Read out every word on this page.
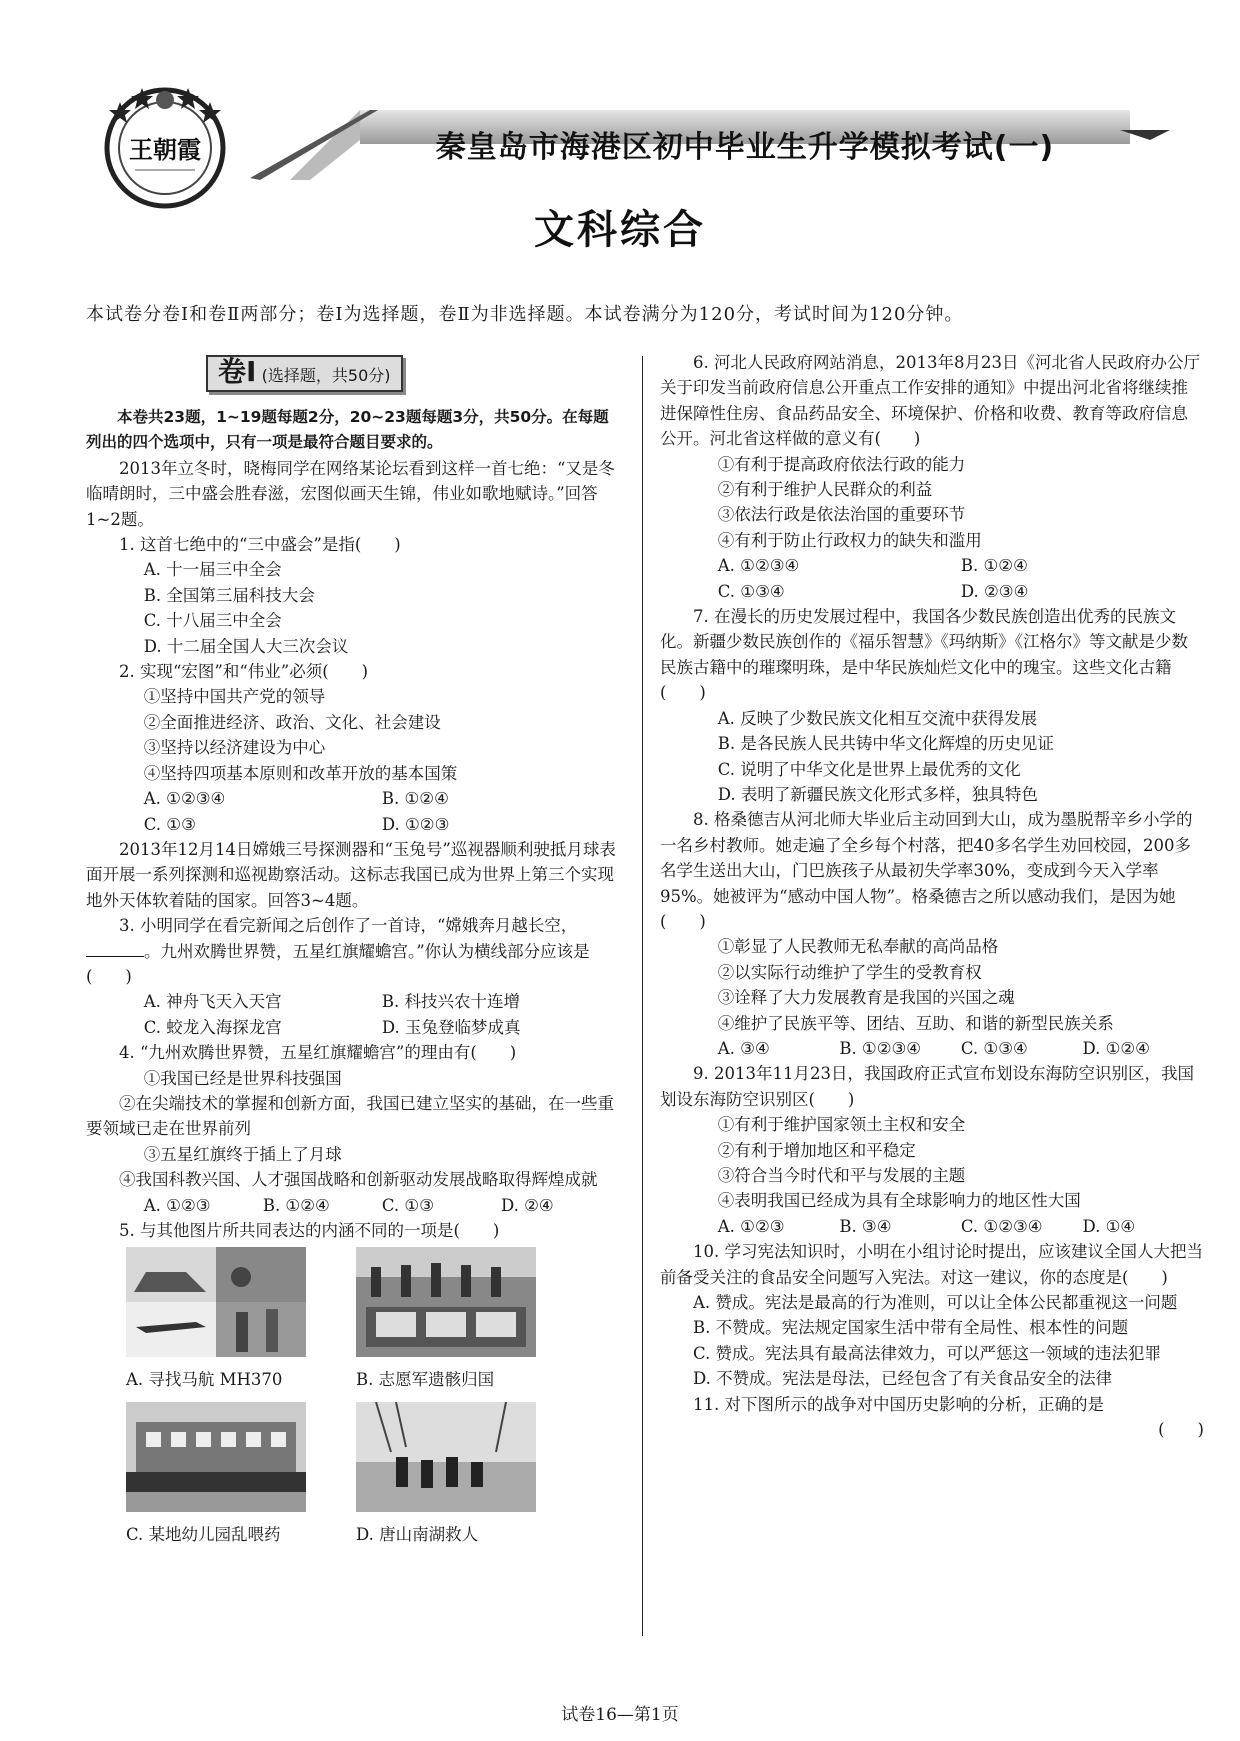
王朝霞	秦皇岛市海港区初中毕业生升学模拟考试(一)
文科综合
本试卷分卷Ⅰ和卷Ⅱ两部分；卷Ⅰ为选择题，卷Ⅱ为非选择题。本试卷满分为120分，考试时间为120分钟。
卷Ⅰ (选择题，共50分)

本卷共23题，1~19题每题2分，20~23题每题3分，共50分。在每题列出的四个选项中，只有一项是最符合题目要求的。

2013年立冬时，晓梅同学在网络某论坛看到这样一首七绝：“又是冬临晴朗时，三中盛会胜春滋，宏图似画天生锦，伟业如歌地赋诗。”回答1~2题。

1. 这首七绝中的“三中盛会”是指(　　)

A. 十一届三中全会

B. 全国第三届科技大会

C. 十八届三中全会

D. 十二届全国人大三次会议

2. 实现“宏图”和“伟业”必须(　　)

①坚持中国共产党的领导

②全面推进经济、政治、文化、社会建设

③坚持以经济建设为中心

④坚持四项基本原则和改革开放的基本国策

A. ①②③④	B. ①②④
C. ①③	D. ①②③

2013年12月14日嫦娥三号探测器和“玉兔号”巡视器顺利驶抵月球表面开展一系列探测和巡视勘察活动。这标志我国已成为世界上第三个实现地外天体软着陆的国家。回答3~4题。

3. 小明同学在看完新闻之后创作了一首诗，“嫦娥奔月越长空，。九州欢腾世界赞，五星红旗耀蟾宫。”你认为横线部分应该是(　　)

A. 神舟飞天入天宫	B. 科技兴农十连增
C. 蛟龙入海探龙宫	D. 玉兔登临梦成真

4. “九州欢腾世界赞，五星红旗耀蟾宫”的理由有(　　)

①我国已经是世界科技强国

②在尖端技术的掌握和创新方面，我国已建立坚实的基础，在一些重要领域已走在世界前列

③五星红旗终于插上了月球

④我国科教兴国、人才强国战略和创新驱动发展战略取得辉煌成就

A. ①②③	B. ①②④	C. ①③	D. ②④

5. 与其他图片所共同表达的内涵不同的一项是(　　)

A. 寻找马航 MH370	B. 志愿军遗骸归国
C. 某地幼儿园乱喂药	D. 唐山南湖救人

6. 河北人民政府网站消息，2013年8月23日《河北省人民政府办公厅关于印发当前政府信息公开重点工作安排的通知》中提出河北省将继续推进保障性住房、食品药品安全、环境保护、价格和收费、教育等政府信息公开。河北省这样做的意义有(　　)

①有利于提高政府依法行政的能力

②有利于维护人民群众的利益

③依法行政是依法治国的重要环节

④有利于防止行政权力的缺失和滥用

A. ①②③④	B. ①②④
C. ①③④	D. ②③④

7. 在漫长的历史发展过程中，我国各少数民族创造出优秀的民族文化。新疆少数民族创作的《福乐智慧》《玛纳斯》《江格尔》等文献是少数民族古籍中的璀璨明珠，是中华民族灿烂文化中的瑰宝。这些文化古籍(　　)

A. 反映了少数民族文化相互交流中获得发展

B. 是各民族人民共铸中华文化辉煌的历史见证

C. 说明了中华文化是世界上最优秀的文化

D. 表明了新疆民族文化形式多样，独具特色

8. 格桑德吉从河北师大毕业后主动回到大山，成为墨脱帮辛乡小学的一名乡村教师。她走遍了全乡每个村落，把40多名学生劝回校园，200多名学生送出大山，门巴族孩子从最初失学率30%，变成到今天入学率95%。她被评为“感动中国人物”。格桑德吉之所以感动我们，是因为她(　　)

①彰显了人民教师无私奉献的高尚品格

②以实际行动维护了学生的受教育权

③诠释了大力发展教育是我国的兴国之魂

④维护了民族平等、团结、互助、和谐的新型民族关系

A. ③④	B. ①②③④	C. ①③④	D. ①②④

9. 2013年11月23日，我国政府正式宣布划设东海防空识别区，我国划设东海防空识别区(　　)

①有利于维护国家领土主权和安全

②有利于增加地区和平稳定

③符合当今时代和平与发展的主题

④表明我国已经成为具有全球影响力的地区性大国

A. ①②③	B. ③④	C. ①②③④	D. ①④

10. 学习宪法知识时，小明在小组讨论时提出，应该建议全国人大把当前备受关注的食品安全问题写入宪法。对这一建议，你的态度是(　　)

A. 赞成。宪法是最高的行为准则，可以让全体公民都重视这一问题

B. 不赞成。宪法规定国家生活中带有全局性、根本性的问题

C. 赞成。宪法具有最高法律效力，可以严惩这一领域的违法犯罪

D. 不赞成。宪法是母法，已经包含了有关食品安全的法律

11. 对下图所示的战争对中国历史影响的分析，正确的是

(　　)

试卷16—第1页
